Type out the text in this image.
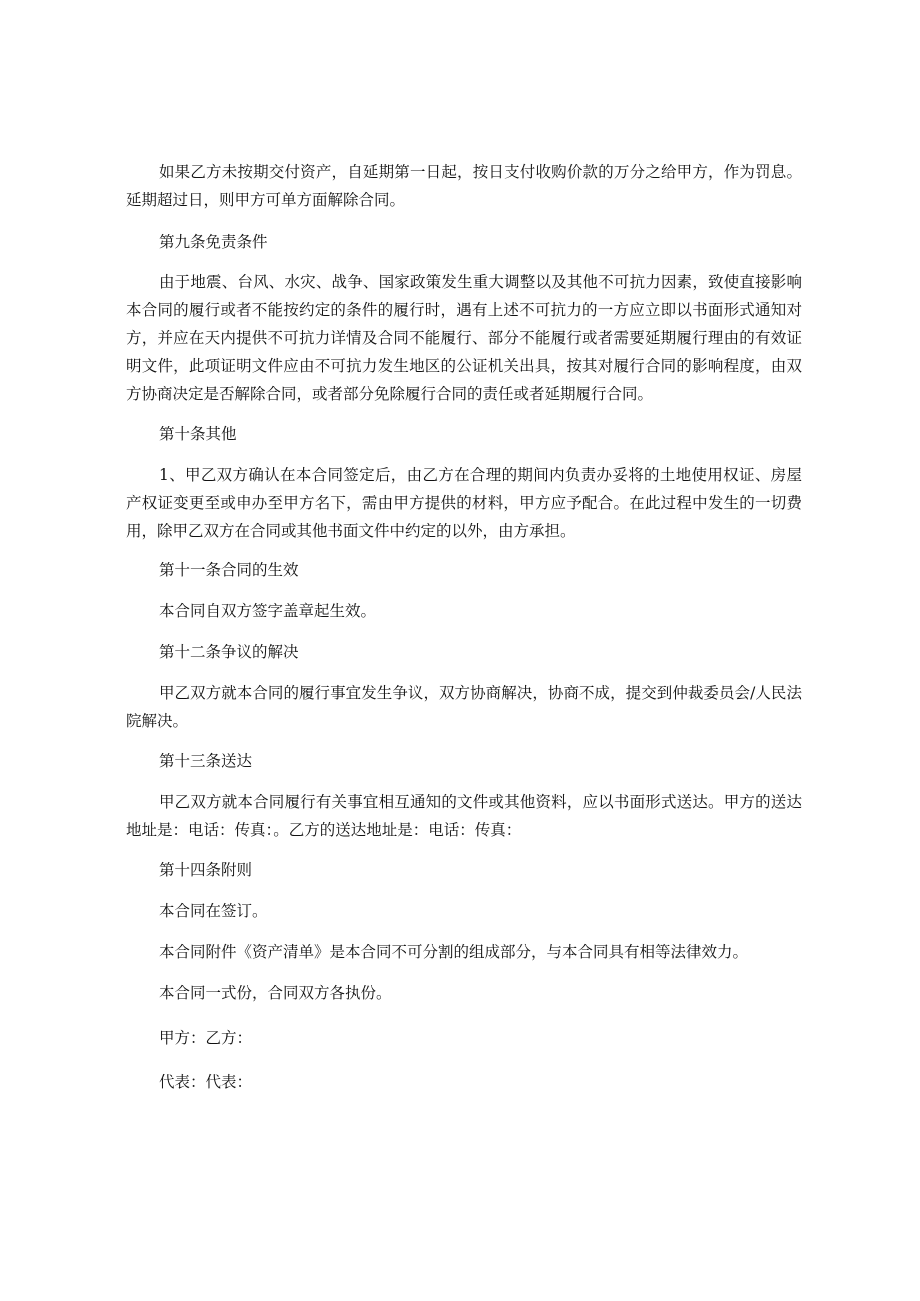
如果乙方未按期交付资产，自延期第一日起，按日支付收购价款的万分之给甲方，作为罚息。延期超过日，则甲方可单方面解除合同。

第九条免责条件

由于地震、台风、水灾、战争、国家政策发生重大调整以及其他不可抗力因素，致使直接影响本合同的履行或者不能按约定的条件的履行时，遇有上述不可抗力的一方应立即以书面形式通知对方，并应在天内提供不可抗力详情及合同不能履行、部分不能履行或者需要延期履行理由的有效证明文件，此项证明文件应由不可抗力发生地区的公证机关出具，按其对履行合同的影响程度，由双方协商决定是否解除合同，或者部分免除履行合同的责任或者延期履行合同。

第十条其他

1、甲乙双方确认在本合同签定后，由乙方在合理的期间内负责办妥将的土地使用权证、房屋产权证变更至或申办至甲方名下，需由甲方提供的材料，甲方应予配合。在此过程中发生的一切费用，除甲乙双方在合同或其他书面文件中约定的以外，由方承担。

第十一条合同的生效

本合同自双方签字盖章起生效。

第十二条争议的解决

甲乙双方就本合同的履行事宜发生争议，双方协商解决，协商不成，提交到仲裁委员会/人民法院解决。

第十三条送达

甲乙双方就本合同履行有关事宜相互通知的文件或其他资料，应以书面形式送达。甲方的送达地址是：电话：传真：。乙方的送达地址是：电话：传真：

第十四条附则

本合同在签订。

本合同附件《资产清单》是本合同不可分割的组成部分，与本合同具有相等法律效力。

本合同一式份，合同双方各执份。

甲方：乙方：

代表：代表：
